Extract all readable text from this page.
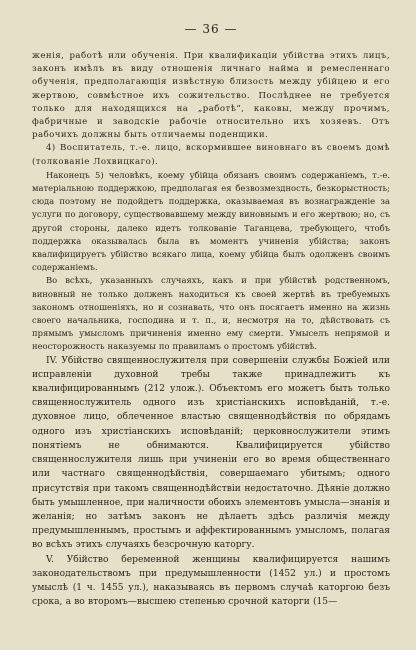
— 36 —

женія, работѣ или обученія. При квалификаціи убійства этихъ лицъ, законъ имѣлъ въ виду отношенія личнаго найма и ремесленнаго обученія, предполагающія извѣстную близость между убійцею и его жертвою, совмѣстное ихъ сожительство. Послѣднее не требуется только для находящихся на „работѣ“, каковы, между прочимъ, фабричные и заводскіе рабочіе относительно ихъ хозяевъ. Отъ рабочихъ должны быть отличаемы поденщики.

4) Воспитатель, т.-е. лицо, вскормившее виновнаго въ своемъ домѣ (толкованіе Лохвицкаго).

Наконецъ 5) человѣкъ, коему убійца обязанъ своимъ содержаніемъ, т.-е. матеріальною поддержкою, предполагая ея безвозмездность, безкорыстность; сюда поэтому не подойдетъ поддержка, оказываемая въ вознагражденіе за услуги по договору, существовавшему между виновнымъ и его жертвою; но, съ другой стороны, далеко идетъ толкованіе Таганцева, требующего, чтобъ поддержка оказывалась была въ моментъ учиненія убійства; законъ квалифицируетъ убійство всякаго лица, коему убійца былъ одолженъ своимъ содержаніемъ.

Во всѣхъ, указанныхъ случаяхъ, какъ и при убійствѣ родственномъ, виновный не только долженъ находиться къ своей жертвѣ въ требуемыхъ закономъ отношеніяхъ, но и сознавать, что онъ посягаетъ именно на жизнь своего начальника, господина и т. п., и, несмотря на то, дѣйствовать съ прямымъ умысломъ причиненія именно ему смерти. Умыселъ непрямой и неосторожность наказуемы по правиламъ о простомъ убійствѣ.

IV. Убійство священнослужителя при совершеніи службы Божіей или исправленіи духовной требы также принадлежитъ къ квалифицированнымъ (212 улож.). Объектомъ его можетъ быть только священнослужитель одного изъ христіанскихъ исповѣданій, т.-е. духовное лицо, облеченное властью священнодѣйствія по обрядамъ одного изъ христіанскихъ исповѣданій; церковнослужители этимъ понятіемъ не обнимаются. Квалифицируется убійство священнослужителя лишь при учиненіи его во время общественнаго или частнаго священнодѣйствія, совершаемаго убитымъ; одного присутствія при такомъ священнодѣйствіи недостаточно. Дѣяніе должно быть умышленное, при наличности обоихъ элементовъ умысла—знанія и желанія; но затѣмъ законъ не дѣлаетъ здѣсь различія между предумышленнымъ, простымъ и аффектированнымъ умысломъ, полагая во всѣхъ этихъ случаяхъ безсрочную каторгу.

V. Убійство беременной женщины квалифицируется нашимъ законодательствомъ при предумышленности (1452 ул.) и простомъ умыслѣ (1 ч. 1455 ул.), наказываясь въ первомъ случаѣ каторгою безъ срока, а во второмъ—высшею степенью срочной каторги (15—
